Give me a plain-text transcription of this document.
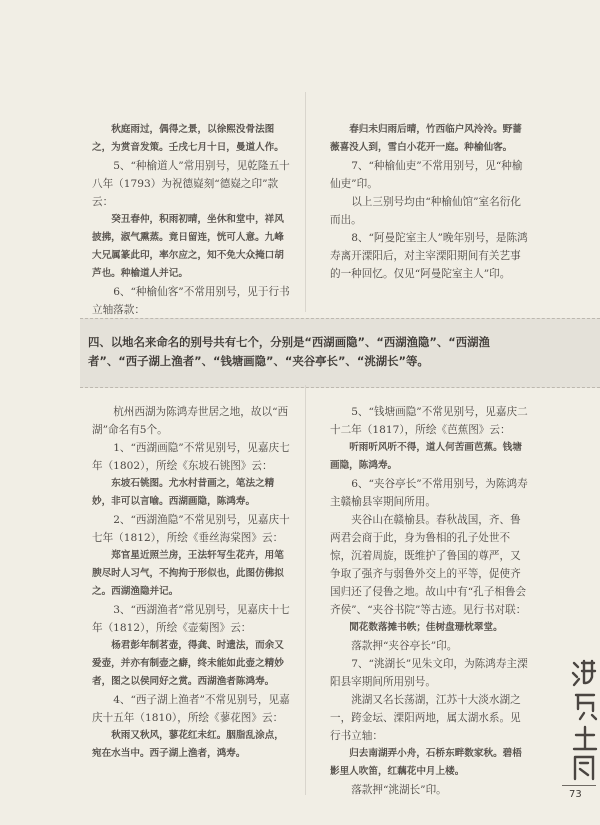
秋庭雨过，偶得之景，以徐熙没骨法图之，为赏音发策。壬戌七月十日，曼道人作。

5、“种榆道人”常用别号，见乾隆五十八年（1793）为祝德嶷刻“德嶷之印”款云：

癸丑春仲，积雨初晴，坐休和堂中，祥风披拂，淑气熏蒸。竟日留连，恍可人意。九峰大兄属篆此印，率尔应之，知不免大众掩口胡芦也。种榆道人并记。

6、“种榆仙客”不常用别号，见于行书立轴落款：

春归未归雨后晴，竹西临户风泠泠。野蔷薇喜没人到，雪白小花开一庭。种榆仙客。

7、“种榆仙吏”不常用别号，见“种榆仙吏”印。

以上三别号均由“种榆仙馆”室名衍化而出。

8、“阿曼陀室主人”晚年别号，是陈鸿寿离开溧阳后，对主宰溧阳期间有关艺事的一种回忆。仅见“阿曼陀室主人”印。

四、以地名来命名的别号共有七个，分别是“西湖画隐”、“西湖渔隐”、“西湖渔者”、“西子湖上渔者”、“钱塘画隐”、“夹谷亭长”、“洮湖长”等。

杭州西湖为陈鸿寿世居之地，故以“西湖”命名有5个。

1、“西湖画隐”不常见别号，见嘉庆七年（1802），所绘《东坡石铫图》云：

东坡石铫图。尤水村昔画之，笔法之精妙，非可以言喻。西湖画隐，陈鸿寿。

2、“西湖渔隐”不常见别号，见嘉庆十七年（1812），所绘《垂丝海棠图》云：

郑官星近照兰房，王法轩写生花卉，用笔腴尽时人习气，不拘拘于形似也，此图仿佛拟之。西湖渔隐并记。

3、“西湖渔者”常见别号，见嘉庆十七年（1812），所绘《壶菊图》云：

杨君彭年制茗壶，得龚、时遗法，而余又爱壶，并亦有制壶之癖，终未能如此壶之精妙者，图之以侯同好之赏。西湖渔者陈鸿寿。

4、“西子湖上渔者”不常见别号，见嘉庆十五年（1810），所绘《蓼花图》云：

秋雨又秋风，蓼花红未红。胭脂乱涂点，宛在水当中。西子湖上渔者，鸿寿。

5、“钱塘画隐”不常见别号，见嘉庆二十二年（1817），所绘《芭蕉图》云：

听雨听风听不得，道人何苦画芭蕉。钱塘画隐，陈鸿寿。

6、“夹谷亭长”不常用别号，为陈鸿寿主赣榆县宰期间所用。

夹谷山在赣榆县。春秋战国，齐、鲁两君会商于此，身为鲁相的孔子处世不惊，沉着周旋，既维护了鲁国的尊严，又争取了强齐与弱鲁外交上的平等，促使齐国归还了侵鲁之地。故山中有“孔子相鲁会齐侯”、“夹谷书院”等古迹。见行书对联：

閒花数落摊书帙；佳树盘珊枕翠堂。

落款押“夹谷亭长”印。

7、“洮湖长”见朱文印，为陈鸿寿主溧阳县宰期间所用别号。

洮湖又名长荡湖，江苏十大淡水湖之一，跨金坛、溧阳两地，属太湖水系。见行书立轴：

归去南湖弄小舟，石桥东畔数家秋。碧梧影里人吹笛，红藕花中月上楼。

落款押“洮湖长”印。	73
